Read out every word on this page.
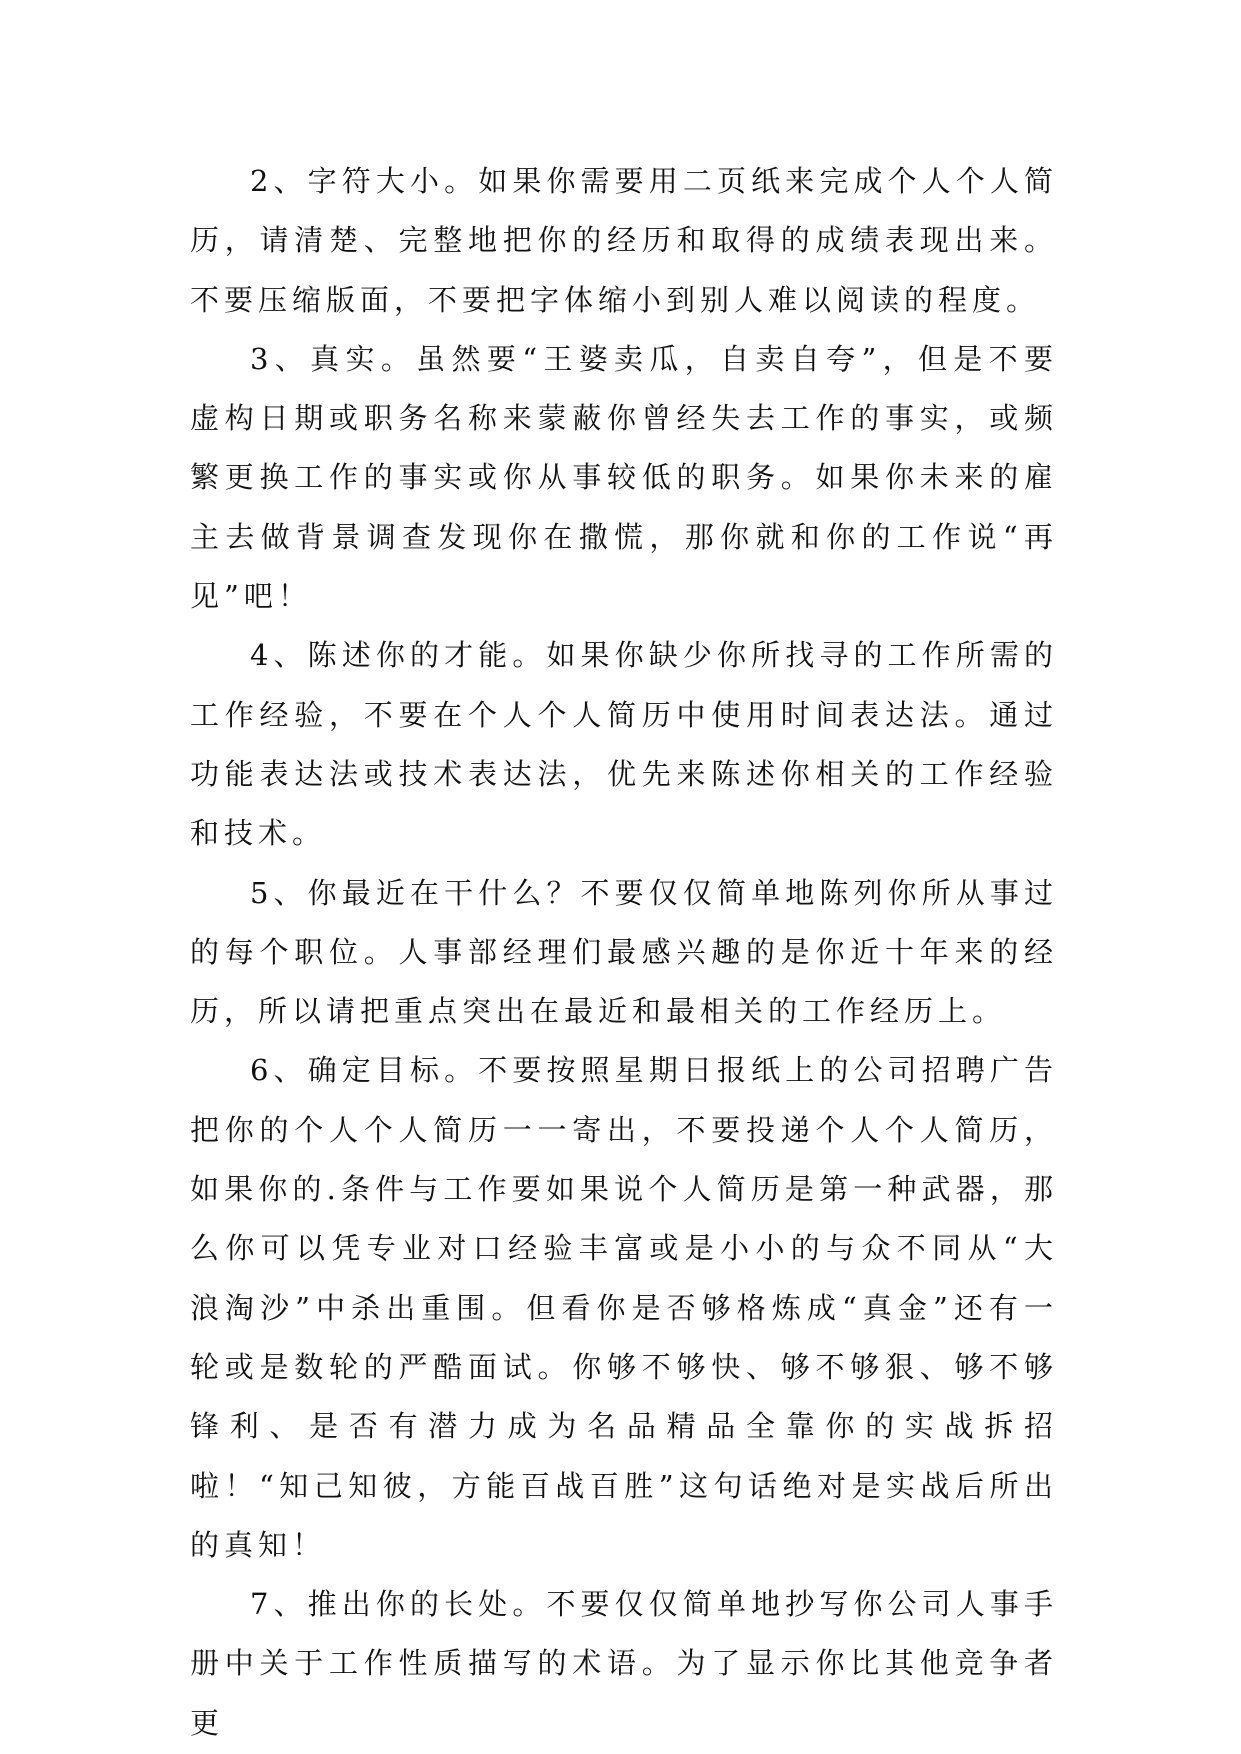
2、字符大小。如果你需要用二页纸来完成个人个人简历，请清楚、完整地把你的经历和取得的成绩表现出来。不要压缩版面，不要把字体缩小到别人难以阅读的程度。

3、真实。虽然要“王婆卖瓜，自卖自夸”，但是不要虚构日期或职务名称来蒙蔽你曾经失去工作的事实，或频繁更换工作的事实或你从事较低的职务。如果你未来的雇主去做背景调查发现你在撒慌，那你就和你的工作说“再见”吧！

4、陈述你的才能。如果你缺少你所找寻的工作所需的工作经验，不要在个人个人简历中使用时间表达法。通过功能表达法或技术表达法，优先来陈述你相关的工作经验和技术。

5、你最近在干什么？不要仅仅简单地陈列你所从事过的每个职位。人事部经理们最感兴趣的是你近十年来的经历，所以请把重点突出在最近和最相关的工作经历上。

6、确定目标。不要按照星期日报纸上的公司招聘广告把你的个人个人简历一一寄出，不要投递个人个人简历，如果你的.条件与工作要如果说个人简历是第一种武器，那么你可以凭专业对口经验丰富或是小小的与众不同从“大浪淘沙”中杀出重围。但看你是否够格炼成“真金”还有一轮或是数轮的严酷面试。你够不够快、够不够狠、够不够锋利、是否有潜力成为名品精品全靠你的实战拆招啦！“知己知彼，方能百战百胜”这句话绝对是实战后所出的真知！

7、推出你的长处。不要仅仅简单地抄写你公司人事手册中关于工作性质描写的术语。为了显示你比其他竞争者更
